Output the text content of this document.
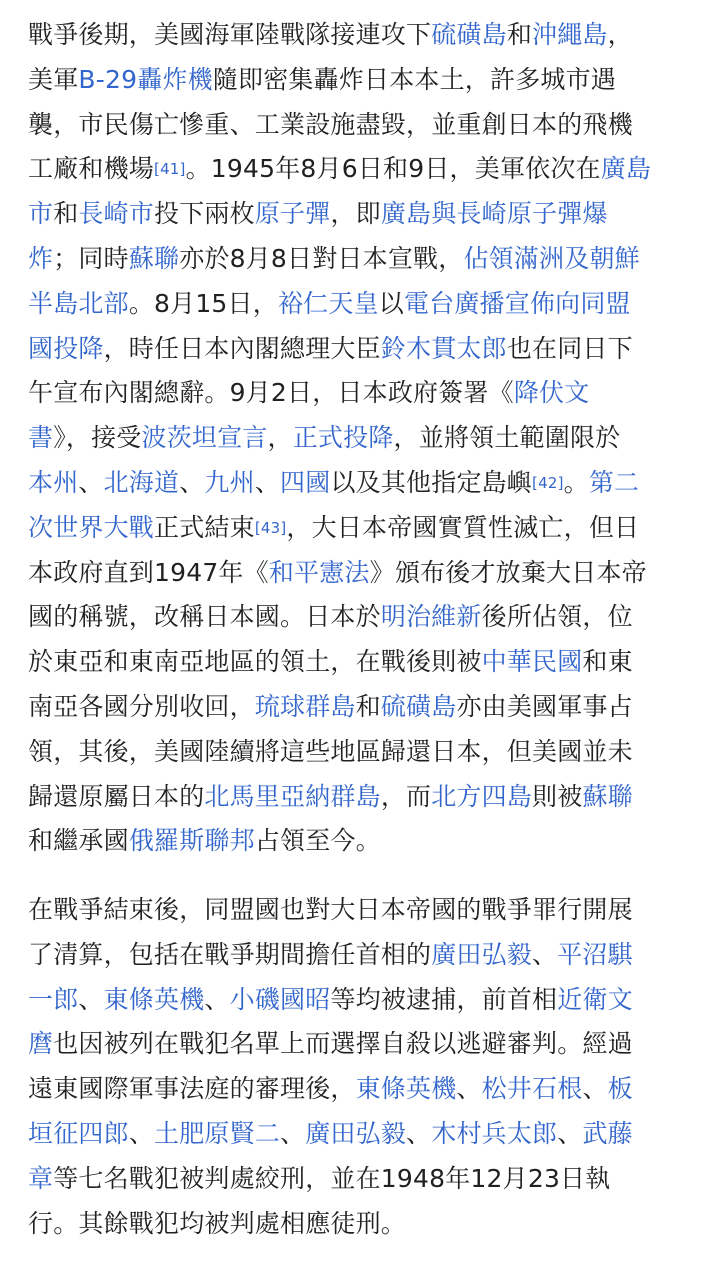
戰爭後期，美國海軍陸戰隊接連攻下硫磺島和沖繩島，
美軍B-29轟炸機隨即密集轟炸日本本土，許多城市遇
襲，市民傷亡慘重、工業設施盡毀，並重創日本的飛機
工廠和機場[41]。1945年8月6日和9日，美軍依次在廣島
市和長崎市投下兩枚原子彈，即廣島與長崎原子彈爆
炸；同時蘇聯亦於8月8日對日本宣戰，佔領滿洲及朝鮮
半島北部。8月15日，裕仁天皇以電台廣播宣佈向同盟
國投降，時任日本內閣總理大臣鈴木貫太郎也在同日下
午宣布內閣總辭。9月2日，日本政府簽署《降伏文
書》，接受波茨坦宣言，正式投降，並將領土範圍限於
本州、北海道、九州、四國以及其他指定島嶼[42]。第二
次世界大戰正式結束[43]，大日本帝國實質性滅亡，但日
本政府直到1947年《和平憲法》頒布後才放棄大日本帝
國的稱號，改稱日本國。日本於明治維新後所佔領，位
於東亞和東南亞地區的領土，在戰後則被中華民國和東
南亞各國分別收回，琉球群島和硫磺島亦由美國軍事占
領，其後，美國陸續將這些地區歸還日本，但美國並未
歸還原屬日本的北馬里亞納群島，而北方四島則被蘇聯
和繼承國俄羅斯聯邦占領至今。
在戰爭結束後，同盟國也對大日本帝國的戰爭罪行開展
了清算，包括在戰爭期間擔任首相的廣田弘毅、平沼騏
一郎、東條英機、小磯國昭等均被逮捕，前首相近衛文
麿也因被列在戰犯名單上而選擇自殺以逃避審判。經過
遠東國際軍事法庭的審理後，東條英機、松井石根、板
垣征四郎、土肥原賢二、廣田弘毅、木村兵太郎、武藤
章等七名戰犯被判處絞刑，並在1948年12月23日執
行。其餘戰犯均被判處相應徒刑。
